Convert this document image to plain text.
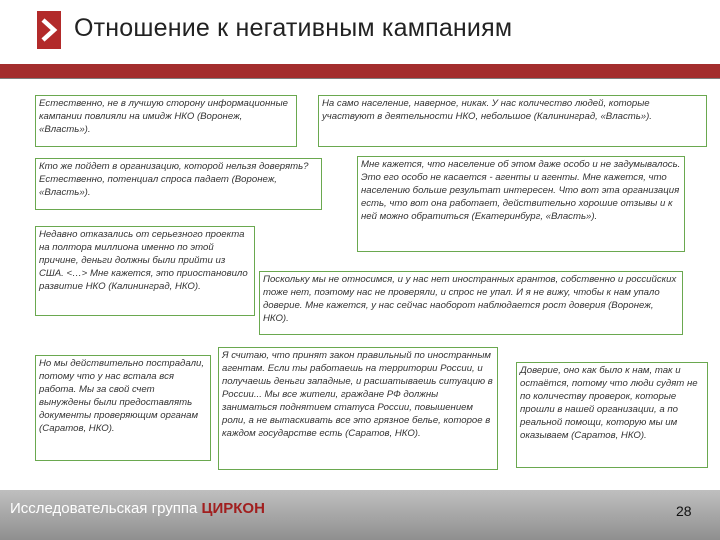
Отношение к негативным кампаниям
Естественно, не в лучшую сторону информационные кампании повлияли на имидж НКО (Воронеж, «Власть»).
На само население, наверное, никак. У нас количество людей, которые участвуют в деятельности НКО, небольшое (Калининград, «Власть»).
Кто же пойдет в организацию, которой нельзя доверять? Естественно, потенциал спроса падает (Воронеж, «Власть»).
Мне кажется, что население об этом даже особо и не задумывалось. Это его особо не касается - агенты и агенты. Мне кажется, что населению больше результат интересен. Что вот эта организация есть, что вот она работает, действительно хорошие отзывы и к ней можно обратиться (Екатеринбург, «Власть»).
Недавно отказались от серьезного проекта на полтора миллиона именно по этой причине, деньги должны были прийти из США. <…> Мне кажется, это приостановило развитие НКО (Калининград, НКО).
Поскольку мы не относимся, и у нас нет иностранных грантов, собственно и российских тоже нет, поэтому нас не проверяли, и спрос не упал. И я не вижу, чтобы к нам упало доверие. Мне кажется, у нас сейчас наоборот наблюдается рост доверия (Воронеж, НКО).
Но мы действительно пострадали, потому что у нас встала вся работа. Мы за свой счет вынуждены были предоставлять документы проверяющим органам (Саратов, НКО).
Я считаю, что принят закон правильный по иностранным агентам. Если ты работаешь на территории России, и получаешь деньги западные, и расшатываешь ситуацию в России... Мы все жители, граждане РФ должны заниматься поднятием статуса России, повышением роли, а не вытаскивать все это грязное белье, которое в каждом государстве есть (Саратов, НКО).
Доверие, оно как было к нам, так и остаётся, потому что люди судят не по количеству проверок, которые прошли в нашей организации, а по реальной помощи, которую мы им оказываем (Саратов, НКО).
Исследовательская группа ЦИРКОН	28
